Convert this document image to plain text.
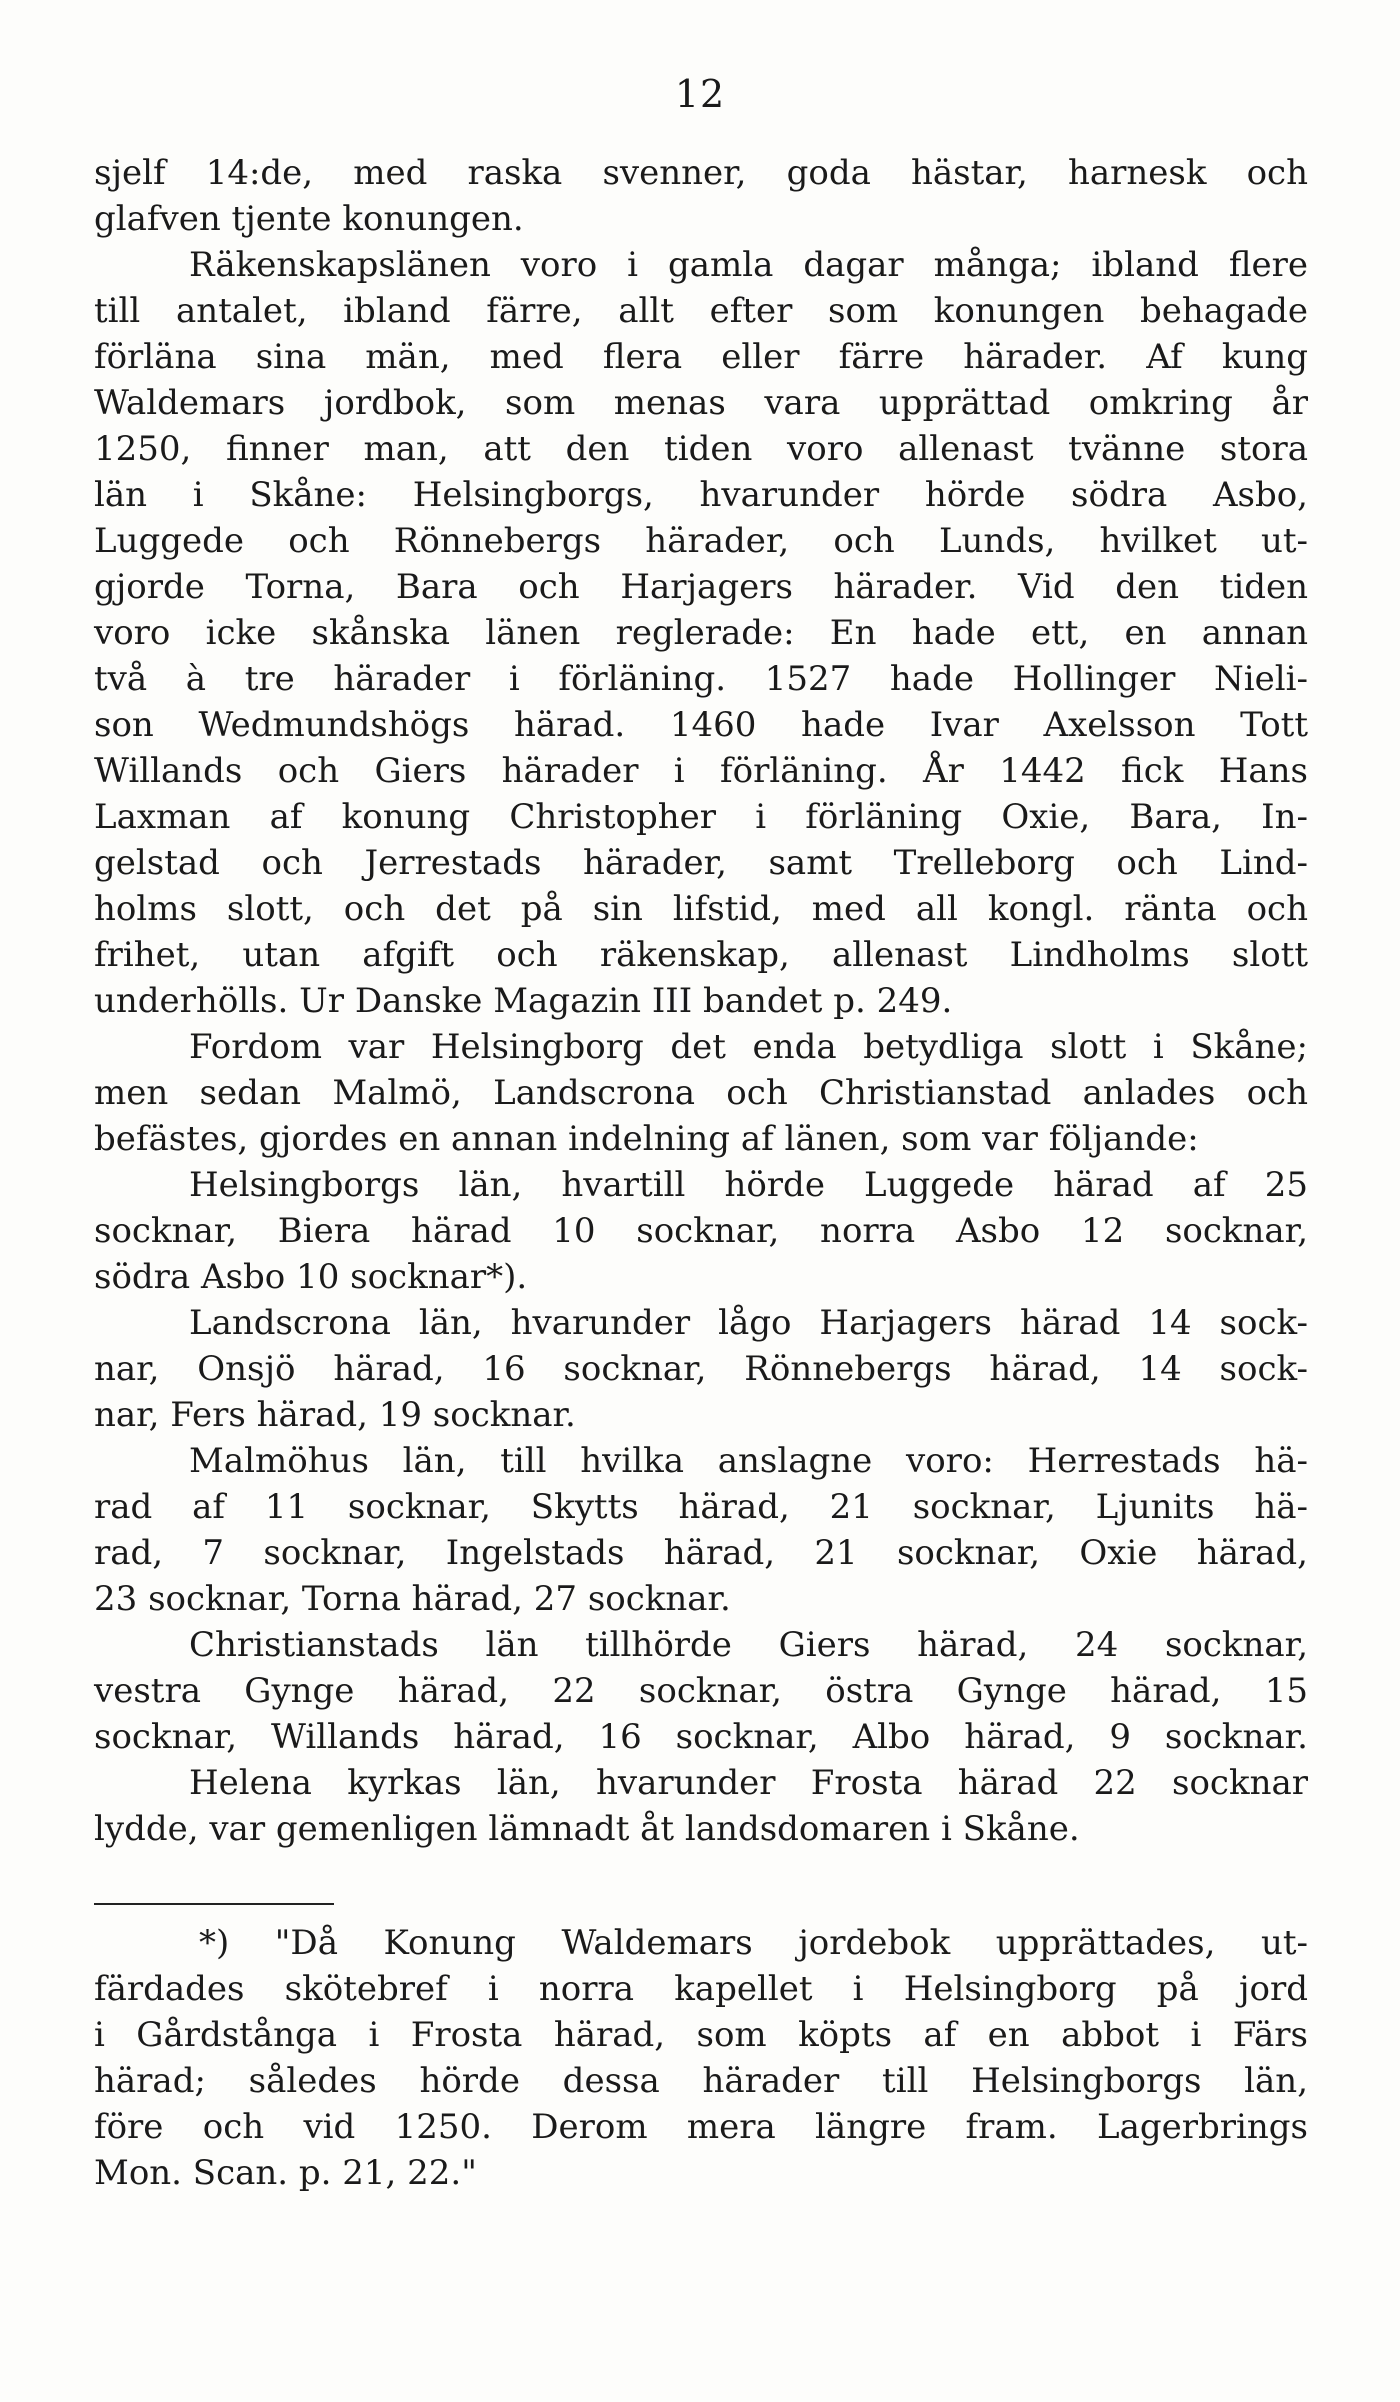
12
sjelf 14:de, med raska svenner, goda hästar, harnesk och
glafven tjente konungen.
Räkenskapslänen voro i gamla dagar många; ibland flere
till antalet, ibland färre, allt efter som konungen behagade
förläna sina män, med flera eller färre härader. Af kung
Waldemars jordbok, som menas vara upprättad omkring år
1250, finner man, att den tiden voro allenast tvänne stora
län i Skåne: Helsingborgs, hvarunder hörde södra Asbo,
Luggede och Rönnebergs härader, och Lunds, hvilket ut-
gjorde Torna, Bara och Harjagers härader. Vid den tiden
voro icke skånska länen reglerade: En hade ett, en annan
två à tre härader i förläning. 1527 hade Hollinger Nieli-
son Wedmundshögs härad. 1460 hade Ivar Axelsson Tott
Willands och Giers härader i förläning. År 1442 fick Hans
Laxman af konung Christopher i förläning Oxie, Bara, In-
gelstad och Jerrestads härader, samt Trelleborg och Lind-
holms slott, och det på sin lifstid, med all kongl. ränta och
frihet, utan afgift och räkenskap, allenast Lindholms slott
underhölls. Ur Danske Magazin III bandet p. 249.
Fordom var Helsingborg det enda betydliga slott i Skåne;
men sedan Malmö, Landscrona och Christianstad anlades och
befästes, gjordes en annan indelning af länen, som var följande:
Helsingborgs län, hvartill hörde Luggede härad af 25
socknar, Biera härad 10 socknar, norra Asbo 12 socknar,
södra Asbo 10 socknar*).
Landscrona län, hvarunder lågo Harjagers härad 14 sock-
nar, Onsjö härad, 16 socknar, Rönnebergs härad, 14 sock-
nar, Fers härad, 19 socknar.
Malmöhus län, till hvilka anslagne voro: Herrestads hä-
rad af 11 socknar, Skytts härad, 21 socknar, Ljunits hä-
rad, 7 socknar, Ingelstads härad, 21 socknar, Oxie härad,
23 socknar, Torna härad, 27 socknar.
Christianstads län tillhörde Giers härad, 24 socknar,
vestra Gynge härad, 22 socknar, östra Gynge härad, 15
socknar, Willands härad, 16 socknar, Albo härad, 9 socknar.
Helena kyrkas län, hvarunder Frosta härad 22 socknar
lydde, var gemenligen lämnadt åt landsdomaren i Skåne.
*) "Då Konung Waldemars jordebok upprättades, ut-
färdades skötebref i norra kapellet i Helsingborg på jord
i Gårdstånga i Frosta härad, som köpts af en abbot i Färs
härad; således hörde dessa härader till Helsingborgs län,
före och vid 1250. Derom mera längre fram. Lagerbrings
Mon. Scan. p. 21, 22."
